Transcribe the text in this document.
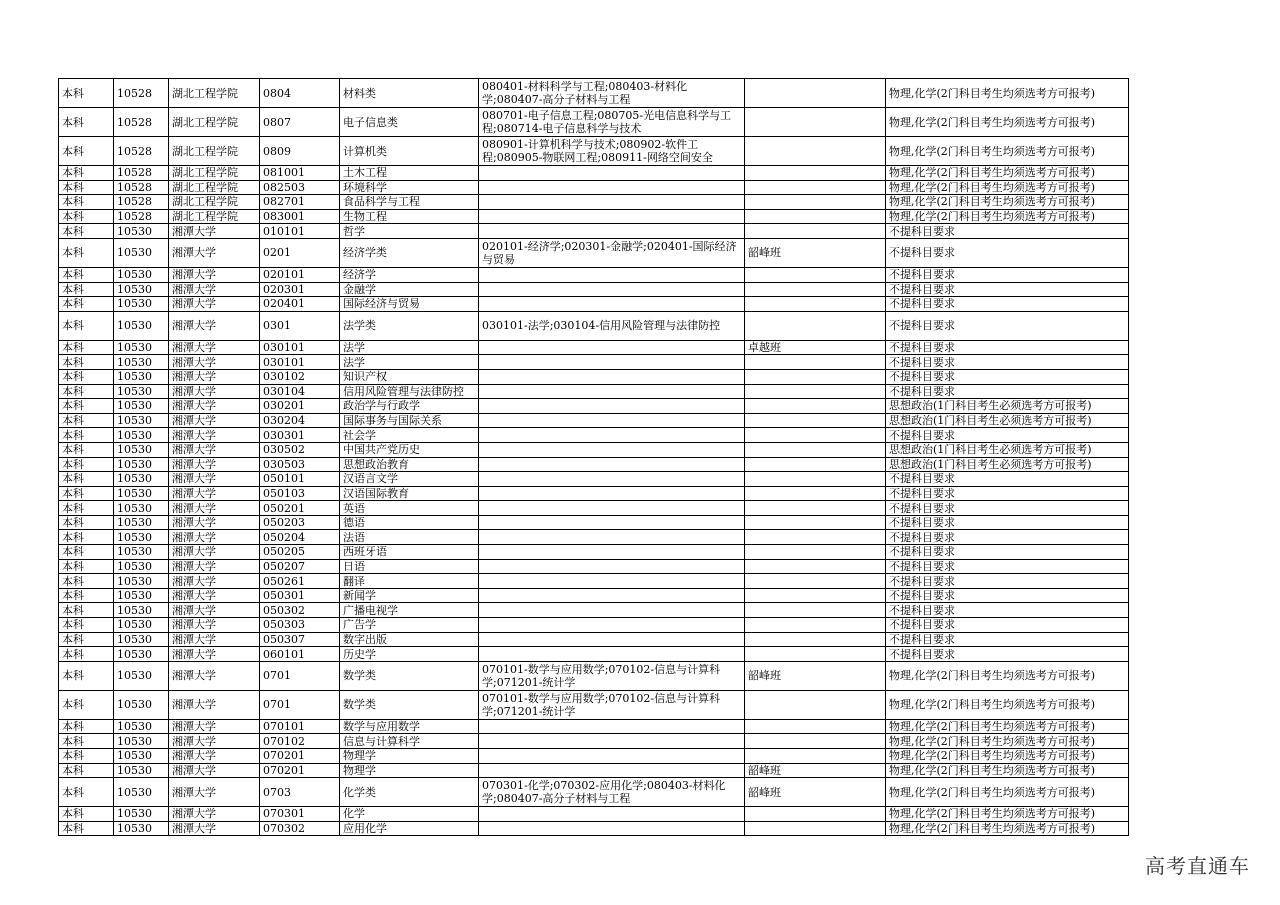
本科	10528	湖北工程学院	0804	材料类	080401-材料科学与工程;080403-材料化学;080407-高分子材料与工程		物理,化学(2门科目考生均须选考方可报考)
本科	10528	湖北工程学院	0807	电子信息类	080701-电子信息工程;080705-光电信息科学与工程;080714-电子信息科学与技术		物理,化学(2门科目考生均须选考方可报考)
本科	10528	湖北工程学院	0809	计算机类	080901-计算机科学与技术;080902-软件工程;080905-物联网工程;080911-网络空间安全		物理,化学(2门科目考生均须选考方可报考)
本科	10528	湖北工程学院	081001	土木工程			物理,化学(2门科目考生均须选考方可报考)
本科	10528	湖北工程学院	082503	环境科学			物理,化学(2门科目考生均须选考方可报考)
本科	10528	湖北工程学院	082701	食品科学与工程			物理,化学(2门科目考生均须选考方可报考)
本科	10528	湖北工程学院	083001	生物工程			物理,化学(2门科目考生均须选考方可报考)
本科	10530	湘潭大学	010101	哲学			不提科目要求
本科	10530	湘潭大学	0201	经济学类	020101-经济学;020301-金融学;020401-国际经济与贸易	韶峰班	不提科目要求
本科	10530	湘潭大学	020101	经济学			不提科目要求
本科	10530	湘潭大学	020301	金融学			不提科目要求
本科	10530	湘潭大学	020401	国际经济与贸易			不提科目要求
本科	10530	湘潭大学	0301	法学类	030101-法学;030104-信用风险管理与法律防控		不提科目要求
本科	10530	湘潭大学	030101	法学		卓越班	不提科目要求
本科	10530	湘潭大学	030101	法学			不提科目要求
本科	10530	湘潭大学	030102	知识产权			不提科目要求
本科	10530	湘潭大学	030104	信用风险管理与法律防控			不提科目要求
本科	10530	湘潭大学	030201	政治学与行政学			思想政治(1门科目考生必须选考方可报考)
本科	10530	湘潭大学	030204	国际事务与国际关系			思想政治(1门科目考生必须选考方可报考)
本科	10530	湘潭大学	030301	社会学			不提科目要求
本科	10530	湘潭大学	030502	中国共产党历史			思想政治(1门科目考生必须选考方可报考)
本科	10530	湘潭大学	030503	思想政治教育			思想政治(1门科目考生必须选考方可报考)
本科	10530	湘潭大学	050101	汉语言文学			不提科目要求
本科	10530	湘潭大学	050103	汉语国际教育			不提科目要求
本科	10530	湘潭大学	050201	英语			不提科目要求
本科	10530	湘潭大学	050203	德语			不提科目要求
本科	10530	湘潭大学	050204	法语			不提科目要求
本科	10530	湘潭大学	050205	西班牙语			不提科目要求
本科	10530	湘潭大学	050207	日语			不提科目要求
本科	10530	湘潭大学	050261	翻译			不提科目要求
本科	10530	湘潭大学	050301	新闻学			不提科目要求
本科	10530	湘潭大学	050302	广播电视学			不提科目要求
本科	10530	湘潭大学	050303	广告学			不提科目要求
本科	10530	湘潭大学	050307	数字出版			不提科目要求
本科	10530	湘潭大学	060101	历史学			不提科目要求
本科	10530	湘潭大学	0701	数学类	070101-数学与应用数学;070102-信息与计算科学;071201-统计学	韶峰班	物理,化学(2门科目考生均须选考方可报考)
本科	10530	湘潭大学	0701	数学类	070101-数学与应用数学;070102-信息与计算科学;071201-统计学		物理,化学(2门科目考生均须选考方可报考)
本科	10530	湘潭大学	070101	数学与应用数学			物理,化学(2门科目考生均须选考方可报考)
本科	10530	湘潭大学	070102	信息与计算科学			物理,化学(2门科目考生均须选考方可报考)
本科	10530	湘潭大学	070201	物理学			物理,化学(2门科目考生均须选考方可报考)
本科	10530	湘潭大学	070201	物理学		韶峰班	物理,化学(2门科目考生均须选考方可报考)
本科	10530	湘潭大学	0703	化学类	070301-化学;070302-应用化学;080403-材料化学;080407-高分子材料与工程	韶峰班	物理,化学(2门科目考生均须选考方可报考)
本科	10530	湘潭大学	070301	化学			物理,化学(2门科目考生均须选考方可报考)
本科	10530	湘潭大学	070302	应用化学			物理,化学(2门科目考生均须选考方可报考)
高考直通车
